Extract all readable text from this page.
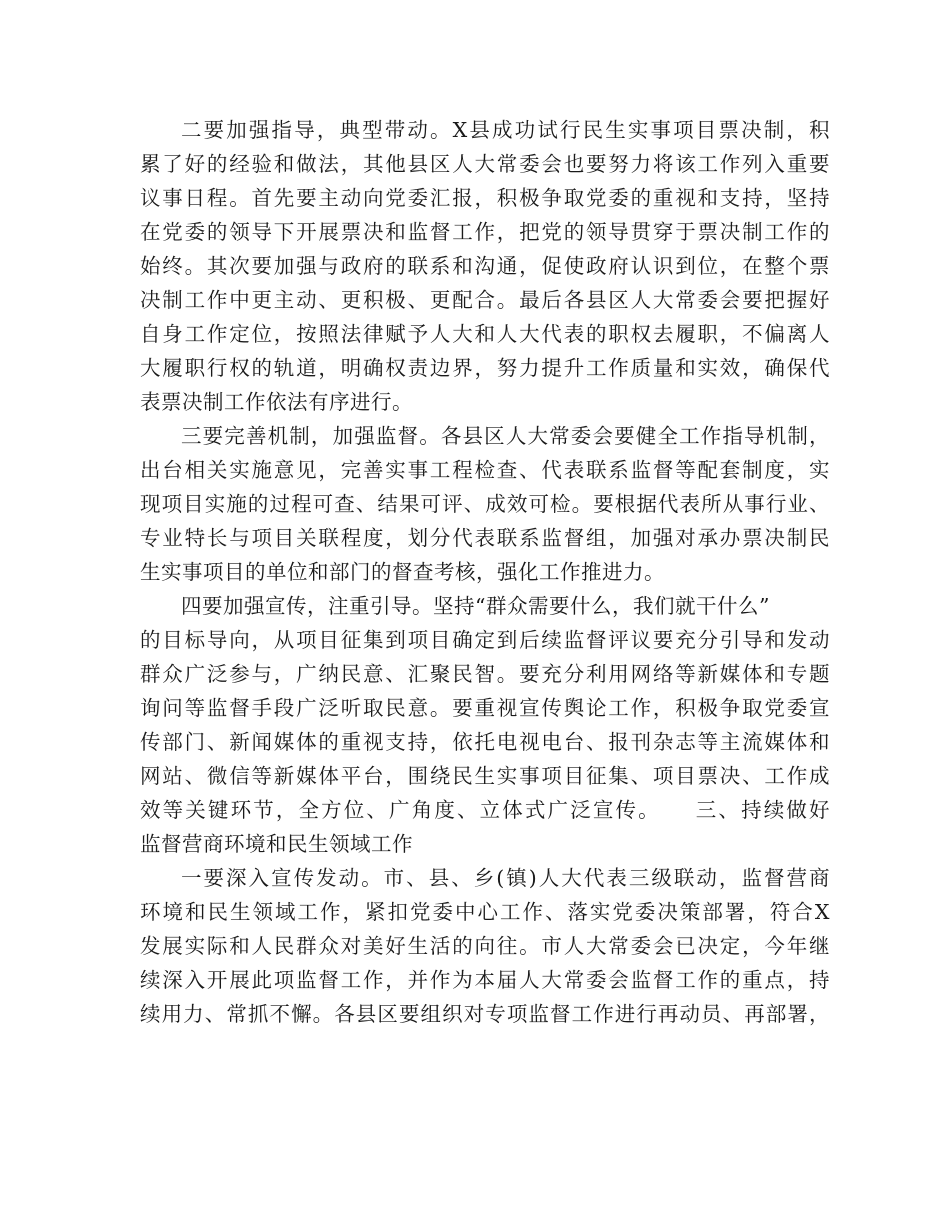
二要加强指导，典型带动。X县成功试行民生实事项目票决制，积
累了好的经验和做法，其他县区人大常委会也要努力将该工作列入重要
议事日程。首先要主动向党委汇报，积极争取党委的重视和支持，坚持
在党委的领导下开展票决和监督工作，把党的领导贯穿于票决制工作的
始终。其次要加强与政府的联系和沟通，促使政府认识到位，在整个票
决制工作中更主动、更积极、更配合。最后各县区人大常委会要把握好
自身工作定位，按照法律赋予人大和人大代表的职权去履职，不偏离人
大履职行权的轨道，明确权责边界，努力提升工作质量和实效，确保代
表票决制工作依法有序进行。
三要完善机制，加强监督。各县区人大常委会要健全工作指导机制，
出台相关实施意见，完善实事工程检查、代表联系监督等配套制度，实
现项目实施的过程可查、结果可评、成效可检。要根据代表所从事行业、
专业特长与项目关联程度，划分代表联系监督组，加强对承办票决制民
生实事项目的单位和部门的督查考核，强化工作推进力。
四要加强宣传，注重引导。坚持“群众需要什么，我们就干什么”
的目标导向，从项目征集到项目确定到后续监督评议要充分引导和发动
群众广泛参与，广纳民意、汇聚民智。要充分利用网络等新媒体和专题
询问等监督手段广泛听取民意。要重视宣传舆论工作，积极争取党委宣
传部门、新闻媒体的重视支持，依托电视电台、报刊杂志等主流媒体和
网站、微信等新媒体平台，围绕民生实事项目征集、项目票决、工作成
效等关键环节，全方位、广角度、立体式广泛宣传。　　三、持续做好
监督营商环境和民生领域工作
一要深入宣传发动。市、县、乡(镇)人大代表三级联动，监督营商
环境和民生领域工作，紧扣党委中心工作、落实党委决策部署，符合X
发展实际和人民群众对美好生活的向往。市人大常委会已决定，今年继
续深入开展此项监督工作，并作为本届人大常委会监督工作的重点，持
续用力、常抓不懈。各县区要组织对专项监督工作进行再动员、再部署，
